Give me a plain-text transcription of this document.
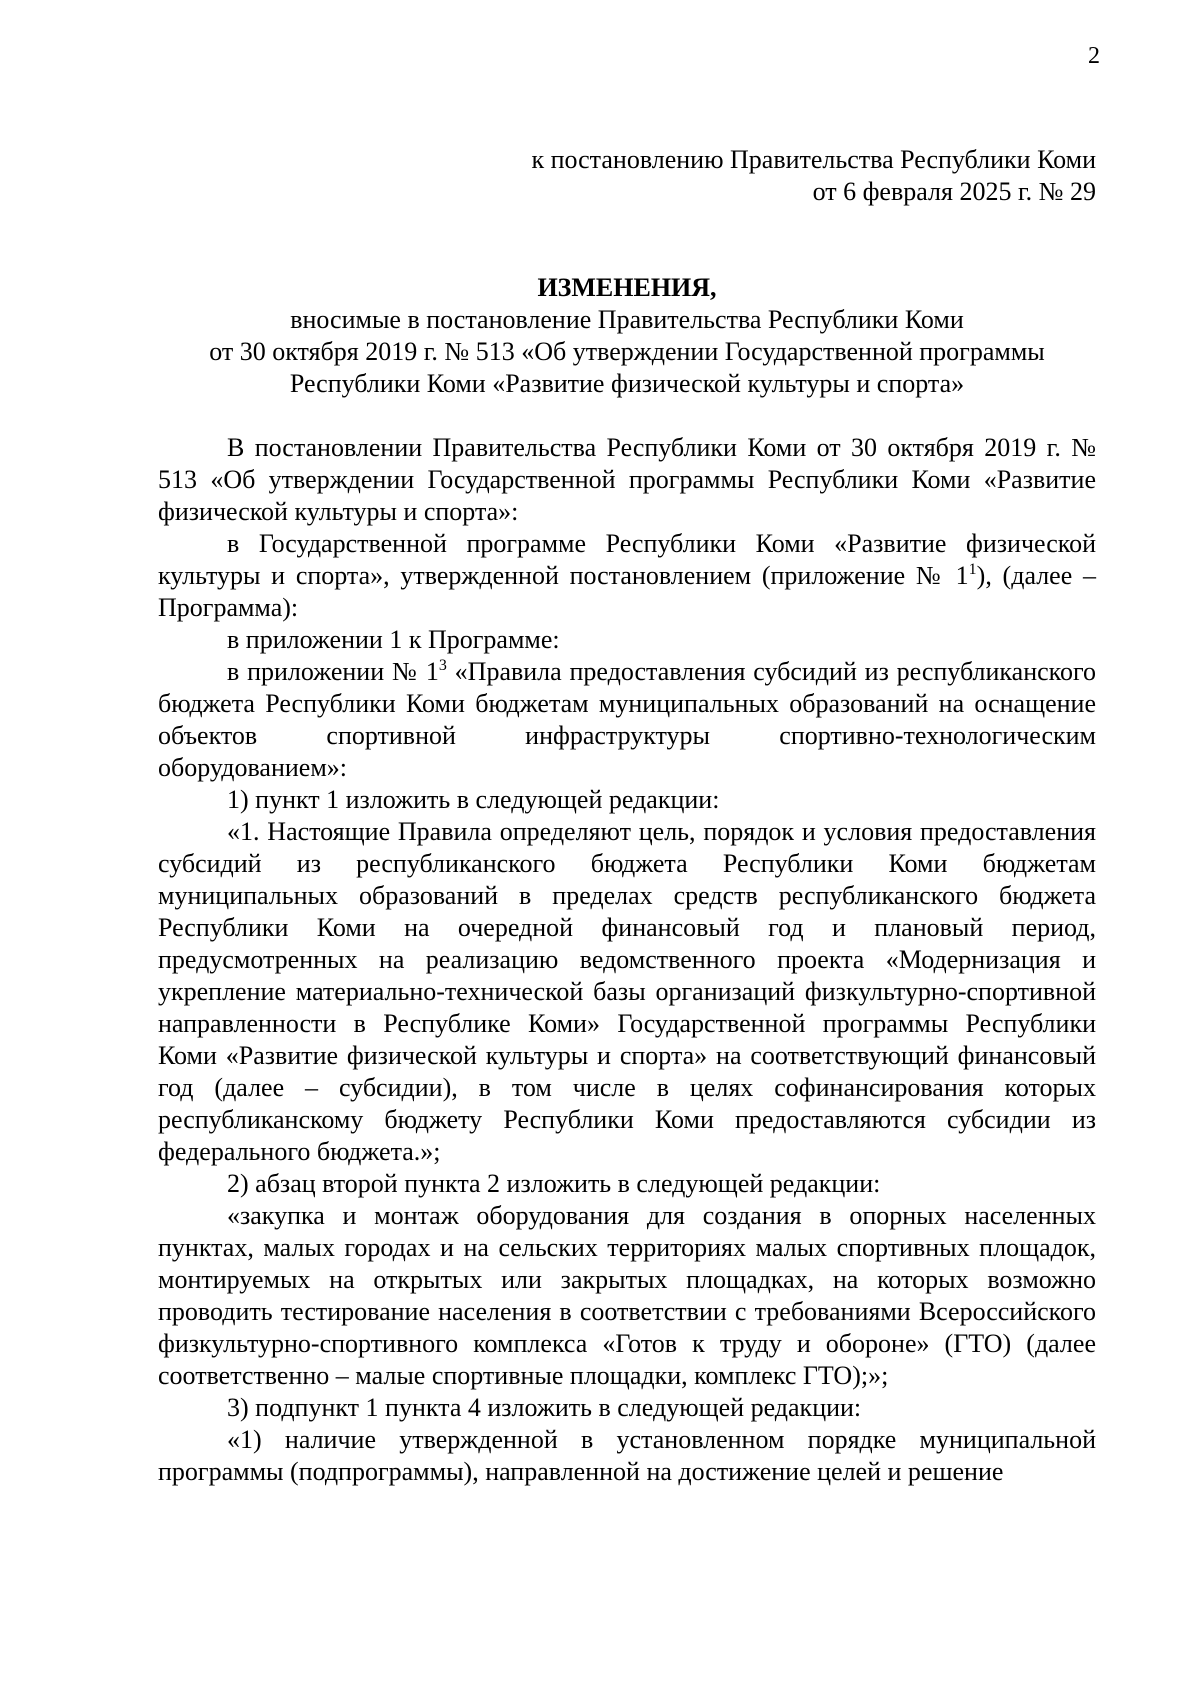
2
к постановлению Правительства Республики Коми
от 6 февраля 2025 г. № 29
ИЗМЕНЕНИЯ,
вносимые в постановление Правительства Республики Коми
от 30 октября 2019 г. № 513 «Об утверждении Государственной программы
Республики Коми «Развитие физической культуры и спорта»

В постановлении Правительства Республики Коми от 30 октября 2019 г. № 513 «Об утверждении Государственной программы Республики Коми «Развитие физической культуры и спорта»:

в Государственной программе Республики Коми «Развитие физической культуры и спорта», утвержденной постановлением (приложение № $1^1$), (далее – Программа):

в приложении 1 к Программе:

в приложении № $1^3$ «Правила предоставления субсидий из республиканского бюджета Республики Коми бюджетам муниципальных образований на оснащение объектов спортивной инфраструктуры спортивно-технологическим оборудованием»:

1) пункт 1 изложить в следующей редакции:

«1. Настоящие Правила определяют цель, порядок и условия предоставления субсидий из республиканского бюджета Республики Коми бюджетам муниципальных образований в пределах средств республиканского бюджета Республики Коми на очередной финансовый год и плановый период, предусмотренных на реализацию ведомственного проекта «Модернизация и укрепление материально-технической базы организаций физкультурно-спортивной направленности в Республике Коми» Государственной программы Республики Коми «Развитие физической культуры и спорта» на соответствующий финансовый год (далее – субсидии), в том числе в целях софинансирования которых республиканскому бюджету Республики Коми предоставляются субсидии из федерального бюджета.»;

2) абзац второй пункта 2 изложить в следующей редакции:

«закупка и монтаж оборудования для создания в опорных населенных пунктах, малых городах и на сельских территориях малых спортивных площадок, монтируемых на открытых или закрытых площадках, на которых возможно проводить тестирование населения в соответствии с требованиями Всероссийского физкультурно-спортивного комплекса «Готов к труду и обороне» (ГТО) (далее соответственно – малые спортивные площадки, комплекс ГТО);»;

3) подпункт 1 пункта 4 изложить в следующей редакции:

«1) наличие утвержденной в установленном порядке муниципальной программы (подпрограммы), направленной на достижение целей и решение
